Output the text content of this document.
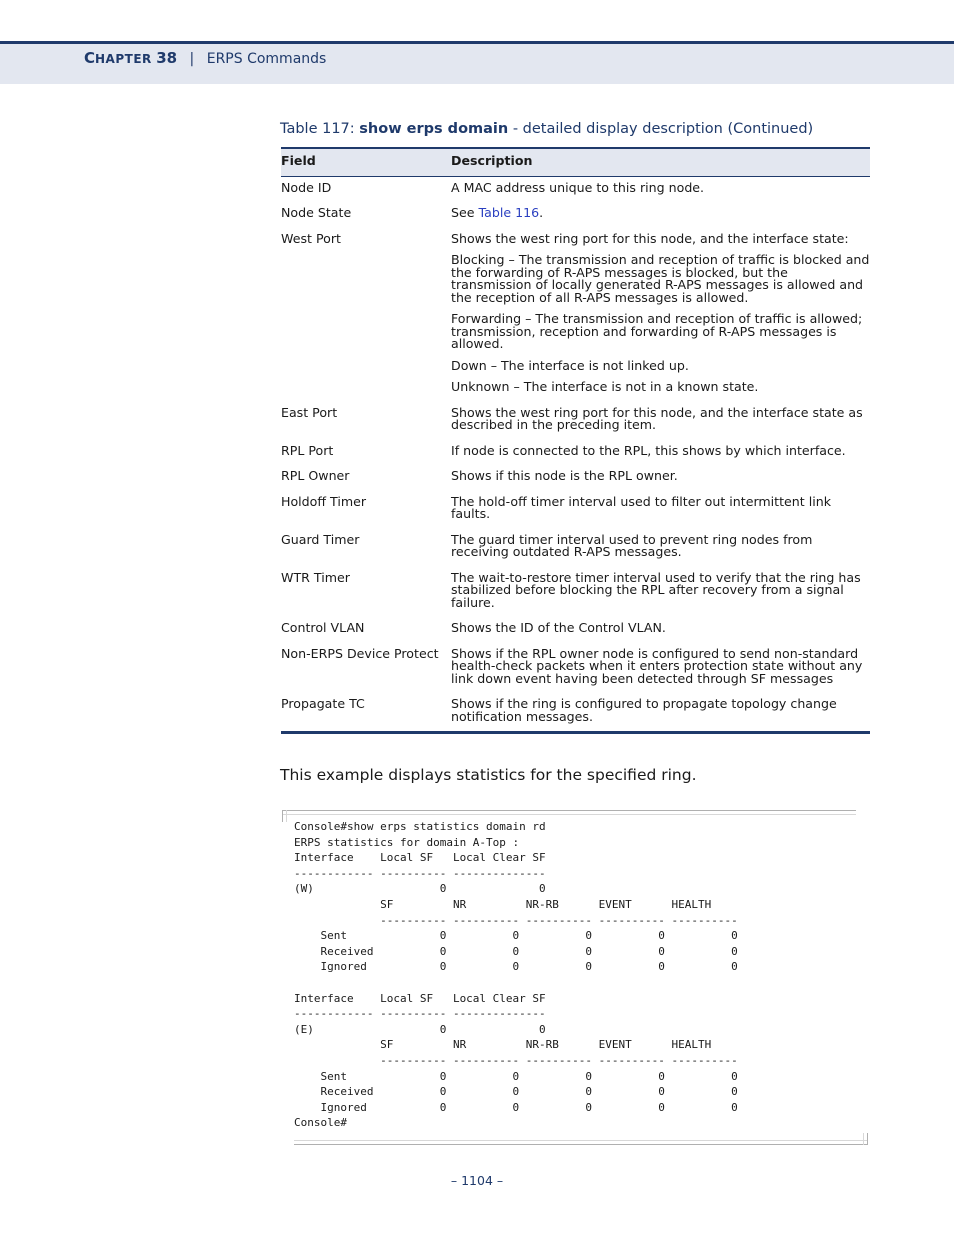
CHAPTER 38 | ERPS Commands
Table 117: show erps domain - detailed display description (Continued)
Field	Description
Node ID	A MAC address unique to this ring node.

Node State	See Table 116.

West Port	Shows the west ring port for this node, and the interface state:

Blocking – The transmission and reception of traffic is blocked and the forwarding of R-APS messages is blocked, but the transmission of locally generated R-APS messages is allowed and the reception of all R-APS messages is allowed.

Forwarding – The transmission and reception of traffic is allowed; transmission, reception and forwarding of R-APS messages is allowed.

Down – The interface is not linked up.

Unknown – The interface is not in a known state.

East Port	Shows the west ring port for this node, and the interface state as described in the preceding item.

RPL Port	If node is connected to the RPL, this shows by which interface.

RPL Owner	Shows if this node is the RPL owner.

Holdoff Timer	The hold-off timer interval used to filter out intermittent link faults.

Guard Timer	The guard timer interval used to prevent ring nodes from receiving outdated R-APS messages.

WTR Timer	The wait-to-restore timer interval used to verify that the ring has stabilized before blocking the RPL after recovery from a signal failure.

Control VLAN	Shows the ID of the Control VLAN.

Non-ERPS Device Protect	Shows if the RPL owner node is configured to send non-standard health-check packets when it enters protection state without any link down event having been detected through SF messages

Propagate TC	Shows if the ring is configured to propagate topology change notification messages.

This example displays statistics for the specified ring.
Console#show erps statistics domain rd
ERPS statistics for domain A-Top :
Interface    Local SF   Local Clear SF
------------ ---------- --------------
(W)                   0              0
SF         NR         NR-RB      EVENT      HEALTH
---------- ---------- ---------- ---------- ----------
Sent              0          0          0          0          0
Received          0          0          0          0          0
Ignored           0          0          0          0          0

Interface    Local SF   Local Clear SF
------------ ---------- --------------
(E)                   0              0
SF         NR         NR-RB      EVENT      HEALTH
---------- ---------- ---------- ---------- ----------
Sent              0          0          0          0          0
Received          0          0          0          0          0
Ignored           0          0          0          0          0
Console#
– 1104 –
